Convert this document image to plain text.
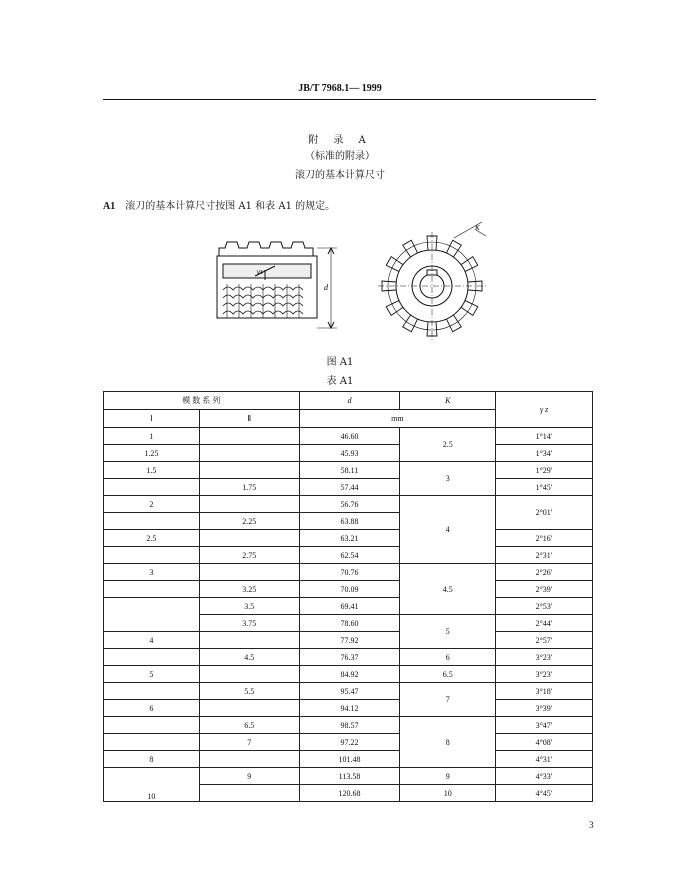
JB/T 7968.1— 1999
附 录 A
（标准的附录）
滚刀的基本计算尺寸
A1 滚刀的基本计算尺寸按图 A1 和表 A1 的规定。
γz
d
K
图 A1
表 A1
模 数 系 列		d	K	γ z
Ⅰ	Ⅱ	mm		
1		46.60	2.5	1°14′
1.25		45.93		1°34′
1.5		58.11	3	1°29′
	1.75	57.44		1°45′
2		56.76	4	2°01′
	2.25	63.88		
2.5		63.21		2°16′
	2.75	62.54		2°31′
3		70.76	4.5	2°26′
	3.25	70.09		2°39′
	3.5	69.41		2°53′
	3.75	78.60	5	2°44′
4		77.92		2°57′
	4.5	76.37	6	3°23′
5		84.92	6.5	3°23′
	5.5	95.47	7	3°18′
6		94.12		3°39′
	6.5	98.57	8	3°47′
	7	97.22		4°08′
8		101.48		4°31′
10	9	113.58	9	4°33′
		120.68	10	4°45′
3
